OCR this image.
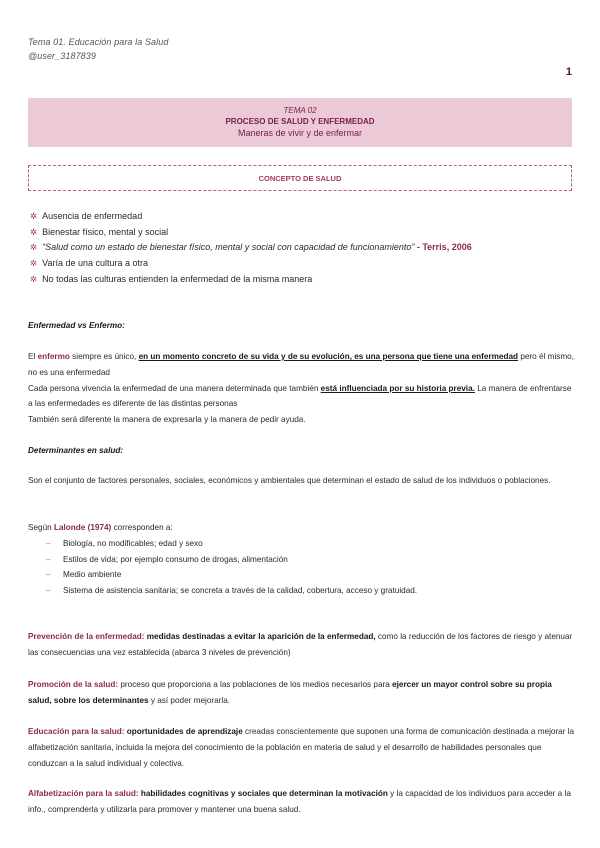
Tema 01. Educación para la Salud
@user_3187839
1
TEMA 02
PROCESO DE SALUD Y ENFERMEDAD
Maneras de vivir y de enfermar
CONCEPTO DE SALUD
✲ Ausencia de enfermedad
✲ Bienestar físico, mental y social
✲ “Salud como un estado de bienestar físico, mental y social con capacidad de funcionamiento” - Terris, 2006
✲ Varía de una cultura a otra
✲ No todas las culturas entienden la enfermedad de la misma manera
Enfermedad vs Enfermo:
El enfermo siempre es único, en un momento concreto de su vida y de su evolución, es una persona que tiene una enfermedad pero él mismo, no es una enfermedad
Cada persona vivencia la enfermedad de una manera determinada que también está influenciada por su historia previa. La manera de enfrentarse a las enfermedades es diferente de las distintas personas
También será diferente la manera de expresarla y la manera de pedir ayuda.
Determinantes en salud:
Son el conjunto de factores personales, sociales, económicos y ambientales que determinan el estado de salud de los individuos o poblaciones.
Según Lalonde (1974) corresponden a:
– Biología, no modificables; edad y sexo
– Estilos de vida; por ejemplo consumo de drogas, alimentación
– Medio ambiente
– Sistema de asistencia sanitaria; se concreta a través de la calidad, cobertura, acceso y gratuidad.
Prevención de la enfermedad: medidas destinadas a evitar la aparición de la enfermedad, como la reducción de los factores de riesgo y atenuar las consecuencias una vez establecida (abarca 3 niveles de prevención)
Promoción de la salud: proceso que proporciona a las poblaciones de los medios necesarios para ejercer un mayor control sobre su propia salud, sobre los determinantes y así poder mejorarla.
Educación para la salud: oportunidades de aprendizaje creadas conscientemente que suponen una forma de comunicación destinada a mejorar la alfabetización sanitaria, incluida la mejora del conocimiento de la población en materia de salud y el desarrollo de habilidades personales que conduzcan a la salud individual y colectiva.
Alfabetización para la salud: habilidades cognitivas y sociales que determinan la motivación y la capacidad de los individuos para acceder a la info., comprenderla y utilizarla para promover y mantener una buena salud.
